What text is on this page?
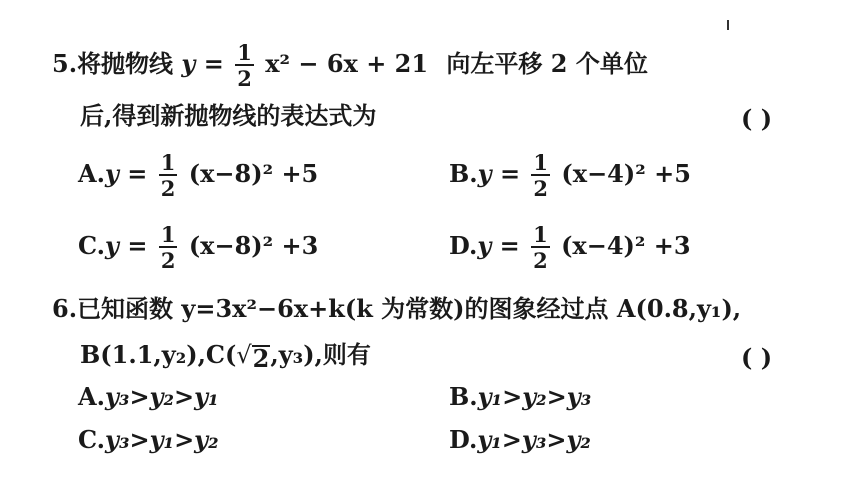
5.将抛物线 $y = \frac{1}{2} x^2 - 6x + 21$ 向左平移 2 个单位
后,得到新抛物线的表达式为	( )
$A.y = \frac{1}{2} (x-8)^2 +5$	$B.y = \frac{1}{2} (x-4)^2 +5$
$C.y = \frac{1}{2} (x-8)^2 +3$	$D.y = \frac{1}{2} (x-4)^2 +3$
6.已知函数 y=3x²−6x+k(k 为常数)的图象经过点 A(0.8,y₁),
B(1.1,y₂),C( √ 2 ,y₃),则有	( )
A.y₃>y₂>y₁	B.y₁>y₂>y₃
C.y₃>y₁>y₂	D.y₁>y₃>y₂
